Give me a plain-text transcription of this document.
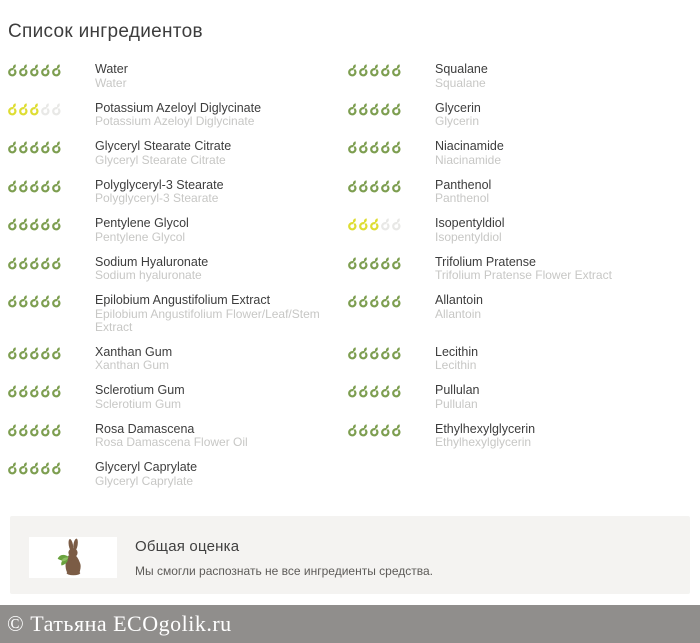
Список ингредиентов
Water
Water
Squalane
Squalane
Potassium Azeloyl Diglycinate
Potassium Azeloyl Diglycinate
Glycerin
Glycerin
Glyceryl Stearate Citrate
Glyceryl Stearate Citrate
Niacinamide
Niacinamide
Polyglyceryl-3 Stearate
Polyglyceryl-3 Stearate
Panthenol
Panthenol
Pentylene Glycol
Pentylene Glycol
Isopentyldiol
Isopentyldiol
Sodium Hyaluronate
Sodium hyaluronate
Trifolium Pratense
Trifolium Pratense Flower Extract
Epilobium Angustifolium Extract
Epilobium Angustifolium Flower/Leaf/Stem Extract
Allantoin
Allantoin
Xanthan Gum
Xanthan Gum
Lecithin
Lecithin
Sclerotium Gum
Sclerotium Gum
Pullulan
Pullulan
Rosa Damascena
Rosa Damascena Flower Oil
Ethylhexylglycerin
Ethylhexylglycerin
Glyceryl Caprylate
Glyceryl Caprylate
Общая оценка
Мы смогли распознать не все ингредиенты средства.
© Татьяна ECOgolik.ru
